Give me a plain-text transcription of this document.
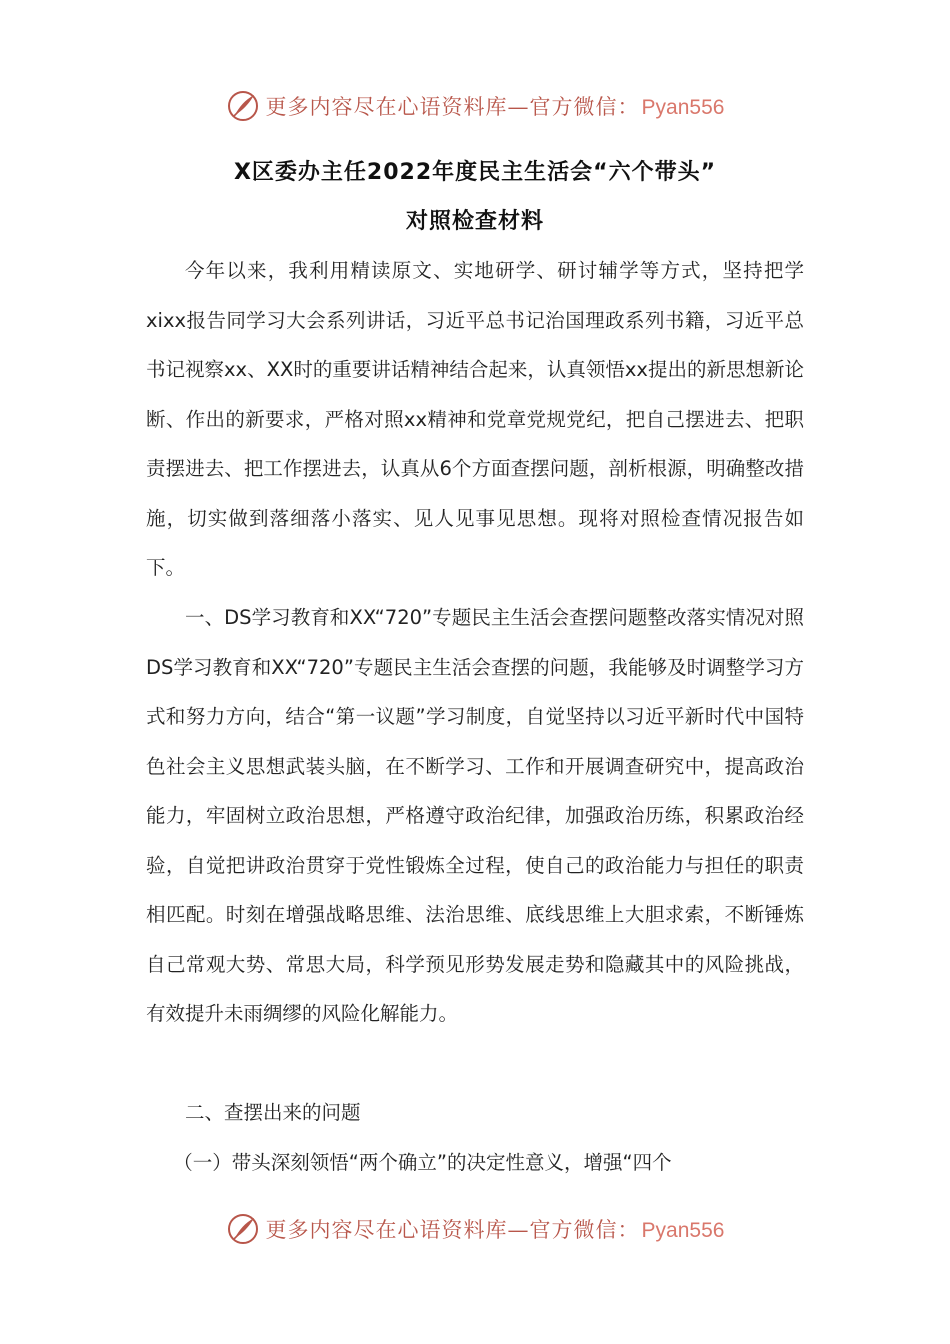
更多内容尽在心语资料库—官方微信：Pyan556
X区委办主任2022年度民主生活会“六个带头”
对照检查材料

今年以来，我利用精读原文、实地研学、研讨辅学等方式，坚持把学xixx报告同学习大会系列讲话，习近平总书记治国理政系列书籍，习近平总书记视察xx、XX时的重要讲话精神结合起来，认真领悟xx提出的新思想新论断、作出的新要求，严格对照xx精神和党章党规党纪，把自己摆进去、把职责摆进去、把工作摆进去，认真从6个方面查摆问题，剖析根源，明确整改措施，切实做到落细落小落实、见人见事见思想。现将对照检查情况报告如下。

一、DS学习教育和XX“720”专题民主生活会查摆问题整改落实情况对照DS学习教育和XX“720”专题民主生活会查摆的问题，我能够及时调整学习方式和努力方向，结合“第一议题”学习制度，自觉坚持以习近平新时代中国特色社会主义思想武装头脑，在不断学习、工作和开展调查研究中，提高政治能力，牢固树立政治思想，严格遵守政治纪律，加强政治历练，积累政治经验，自觉把讲政治贯穿于党性锻炼全过程，使自己的政治能力与担任的职责相匹配。时刻在增强战略思维、法治思维、底线思维上大胆求索，不断锤炼自己常观大势、常思大局，科学预见形势发展走势和隐藏其中的风险挑战，有效提升未雨绸缪的风险化解能力。

二、查摆出来的问题

（一）带头深刻领悟“两个确立”的决定性意义，增强“四个

更多内容尽在心语资料库—官方微信：Pyan556
